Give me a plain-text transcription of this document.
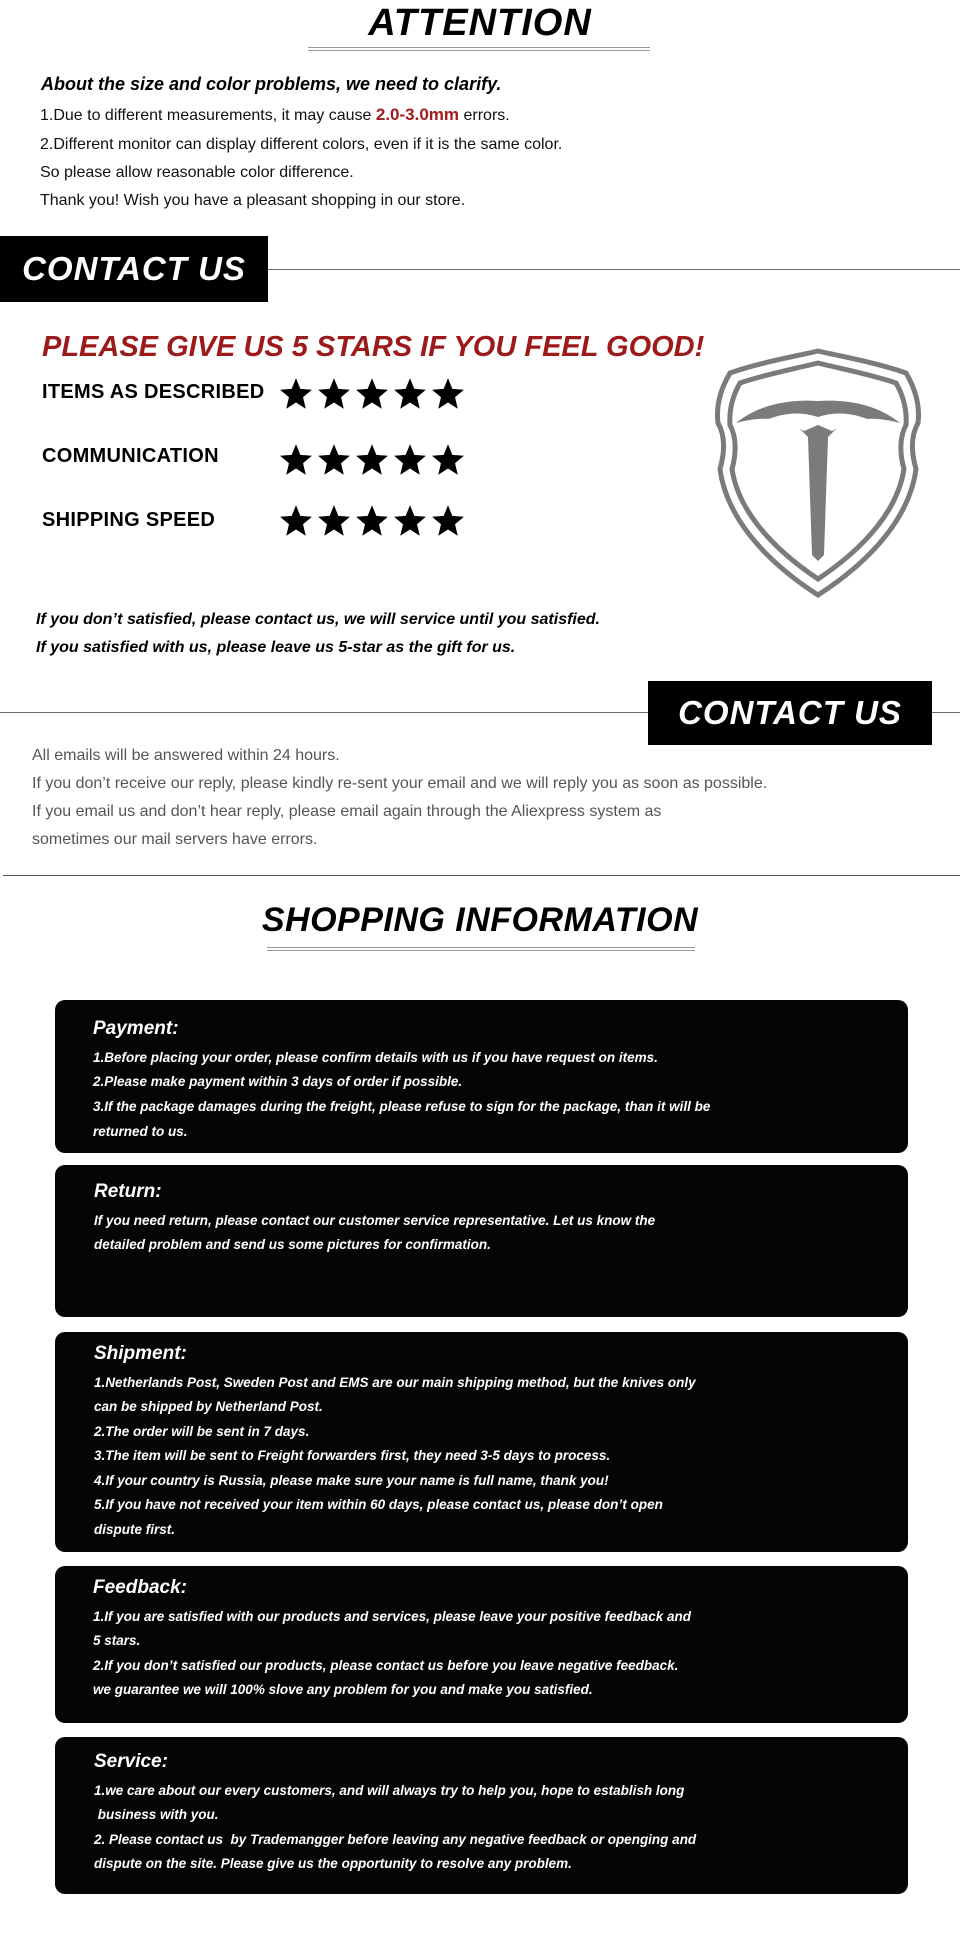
ATTENTION
About the size and color problems, we need to clarify.
1.Due to different measurements, it may cause 2.0-3.0mm errors.
2.Different monitor can display different colors, even if it is the same color.
So please allow reasonable color difference.
Thank you! Wish you have a pleasant shopping in our store.
CONTACT US
PLEASE GIVE US 5 STARS IF YOU FEEL GOOD!
ITEMS AS DESCRIBED
COMMUNICATION
SHIPPING SPEED
If you don’t satisfied, please contact us, we will service until you satisfied.
If you satisfied with us, please leave us 5-star as the gift for us.
CONTACT US
All emails will be answered within 24 hours.
If you don’t receive our reply, please kindly re-sent your email and we will reply you as soon as possible.
If you email us and don’t hear reply, please email again through the Aliexpress system as
sometimes our mail servers have errors.
SHOPPING INFORMATION
Payment:
1.Before placing your order, please confirm details with us if you have request on items.
2.Please make payment within 3 days of order if possible.
3.If the package damages during the freight, please refuse to sign for the package, than it will be
returned to us.
Return:
If you need return, please contact our customer service representative. Let us know the
detailed problem and send us some pictures for confirmation.
Shipment:
1.Netherlands Post, Sweden Post and EMS are our main shipping method, but the knives only
can be shipped by Netherland Post.
2.The order will be sent in 7 days.
3.The item will be sent to Freight forwarders first, they need 3-5 days to process.
4.If your country is Russia, please make sure your name is full name, thank you!
5.If you have not received your item within 60 days, please contact us, please don’t open
dispute first.
Feedback:
1.If you are satisfied with our products and services, please leave your positive feedback and
5 stars.
2.If you don’t satisfied our products, please contact us before you leave negative feedback.
we guarantee we will 100% slove any problem for you and make you satisfied.
Service:
1.we care about our every customers, and will always try to help you, hope to establish long
business with you.
2. Please contact us  by Trademangger before leaving any negative feedback or openging and
dispute on the site. Please give us the opportunity to resolve any problem.
